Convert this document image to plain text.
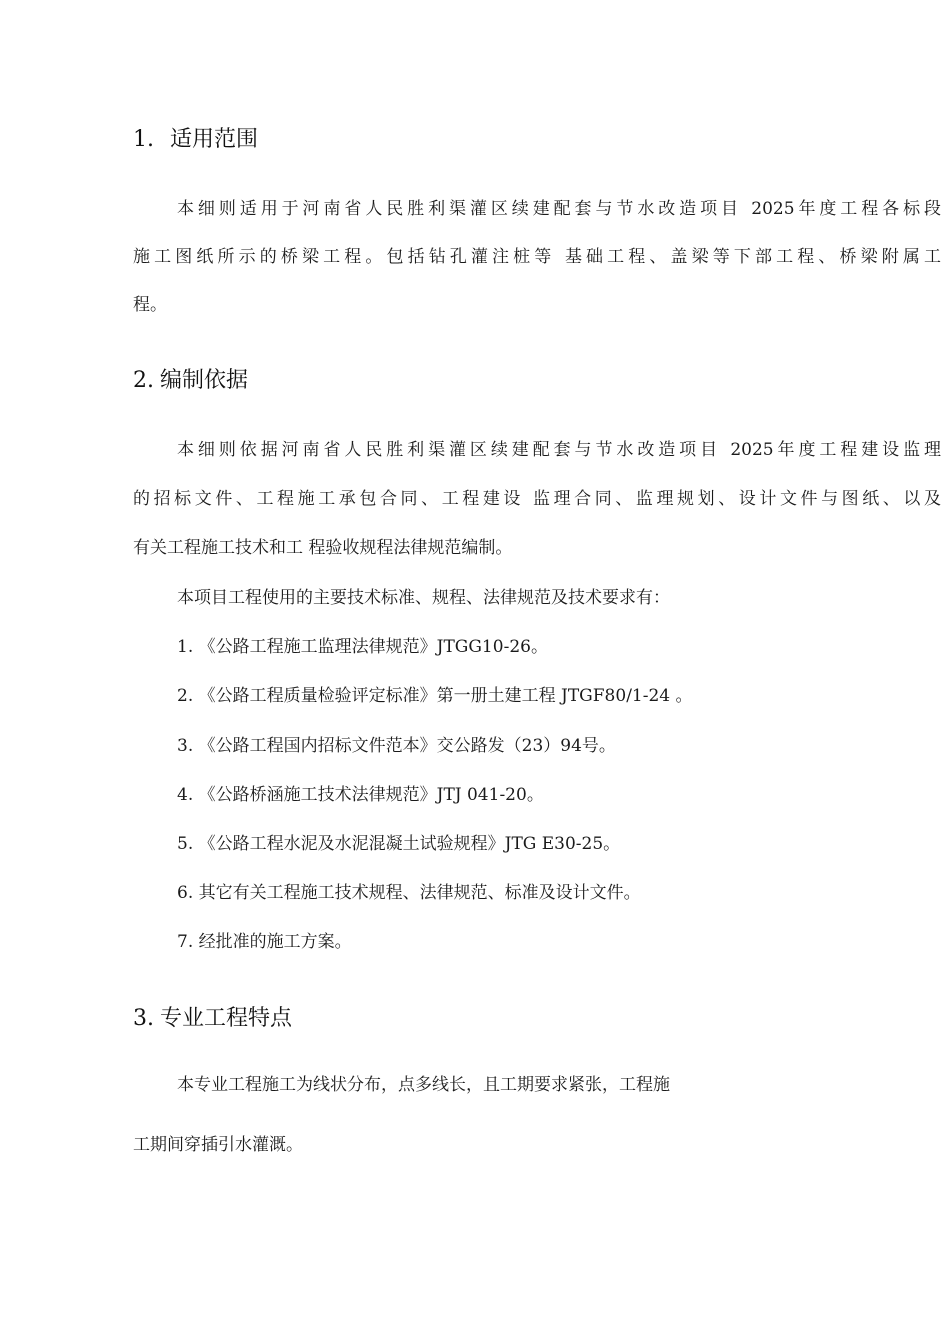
1. 适用范围
本细则适用于河南省人民胜利渠灌区续建配套与节水改造项目 2025年度工程各标段
施工图纸所示的桥梁工程。包括钻孔灌注桩等 基础工程、盖梁等下部工程、桥梁附属工
程。
2. 编制依据
本细则依据河南省人民胜利渠灌区续建配套与节水改造项目 2025年度工程建设监理
的招标文件、工程施工承包合同、工程建设 监理合同、监理规划、设计文件与图纸、以及
有关工程施工技术和工 程验收规程法律规范编制。
本项目工程使用的主要技术标准、规程、法律规范及技术要求有：
1. 《公路工程施工监理法律规范》JTGG10-26。
2. 《公路工程质量检验评定标准》第一册土建工程 JTGF80/1-24 。
3. 《公路工程国内招标文件范本》交公路发（23）94号。
4. 《公路桥涵施工技术法律规范》JTJ 041-20。
5. 《公路工程水泥及水泥混凝土试验规程》JTG E30-25。
6. 其它有关工程施工技术规程、法律规范、标准及设计文件。
7. 经批准的施工方案。
3. 专业工程特点
本专业工程施工为线状分布，点多线长，且工期要求紧张，工程施
工期间穿插引水灌溉。
